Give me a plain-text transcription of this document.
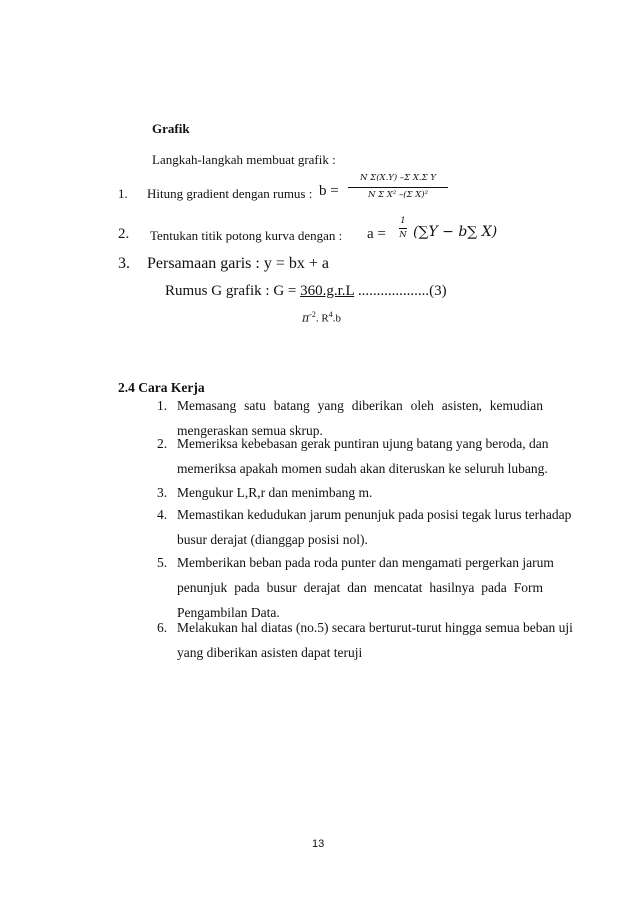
Grafik
Langkah-langkah membuat grafik :
1. Hitung gradient dengan rumus : b =
N Σ(X.Y) –Σ X.Σ Y
N Σ X² –(Σ X)²
2. Tentukan titik potong kurva dengan : a =
1
N (∑Y − b∑ X)
3. Persamaan garis : y = bx + a
Rumus G grafik : G = 360.g.r.L ...................(3)
$\pi^{-2}$. $R^4.b$
2.4 Cara Kerja
1. Memasang satu batang yang diberikan oleh asisten, kemudian
mengeraskan semua skrup.
2. Memeriksa kebebasan gerak puntiran ujung batang yang beroda, dan
memeriksa apakah momen sudah akan diteruskan ke seluruh lubang.
3. Mengukur L,R,r dan menimbang m.
4. Memastikan kedudukan jarum penunjuk pada posisi tegak lurus terhadap
busur derajat (dianggap posisi nol).
5. Memberikan beban pada roda punter dan mengamati pergerkan jarum
penunjuk pada busur derajat dan mencatat hasilnya pada Form
Pengambilan Data.
6. Melakukan hal diatas (no.5) secara berturut-turut hingga semua beban uji
yang diberikan asisten dapat teruji
13
